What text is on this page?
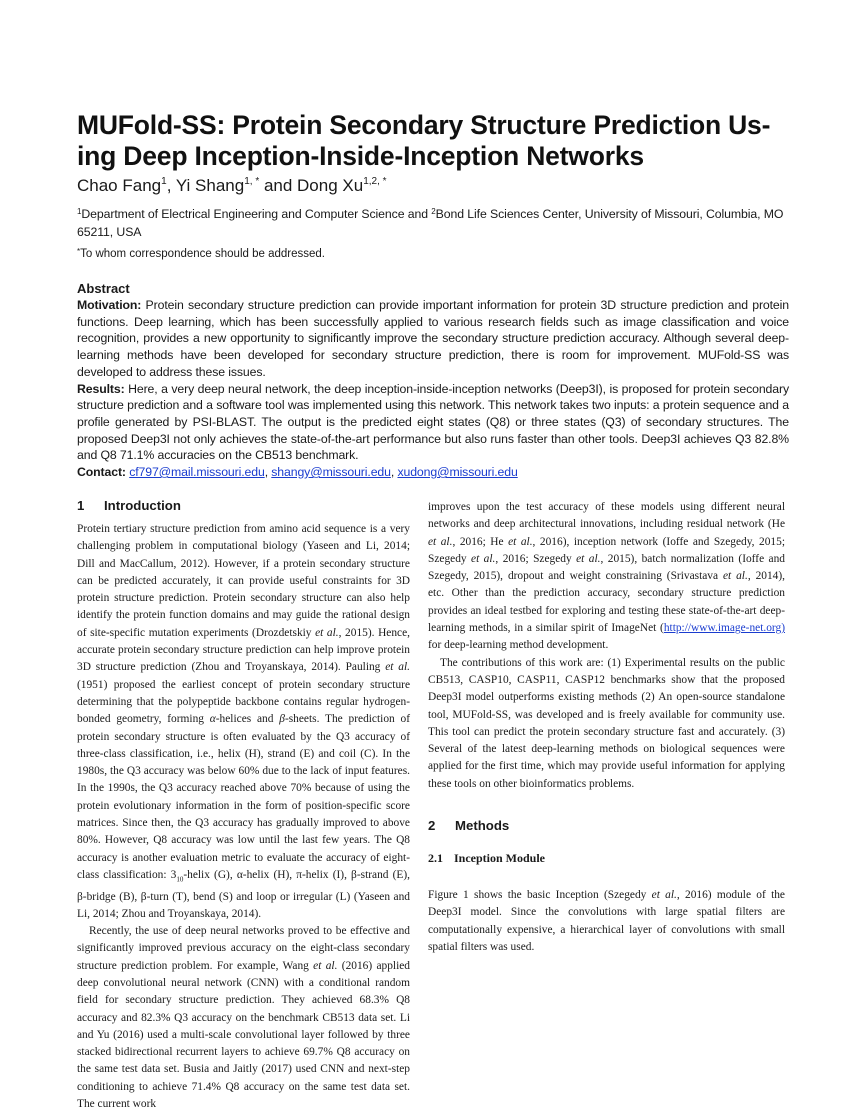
MUFold-SS: Protein Secondary Structure Prediction Us-
ing Deep Inception-Inside-Inception Networks

Chao Fang$^1$, Yi Shang$^{1, *}$ and Dong $Xu^{1,2, *}$

$^1$Department of Electrical Engineering and Computer Science and $^2$Bond Life Sciences Center, University of Missouri, Columbia, MO 65211, USA

*To whom correspondence should be addressed.

Abstract

Motivation: Protein secondary structure prediction can provide important information for protein 3D structure prediction and protein functions. Deep learning, which has been successfully applied to various research fields such as image classification and voice recognition, provides a new opportunity to significantly improve the secondary structure prediction accuracy. Although several deep-learning methods have been developed for secondary structure prediction, there is room for improvement. MUFold-SS was developed to address these issues.

Results: Here, a very deep neural network, the deep inception-inside-inception networks (Deep3I), is proposed for protein secondary structure prediction and a software tool was implemented using this network. This network takes two inputs: a protein sequence and a profile generated by PSI-BLAST. The output is the predicted eight states (Q8) or three states (Q3) of secondary structures. The proposed Deep3I not only achieves the state-of-the-art performance but also runs faster than other tools. Deep3I achieves Q3 82.8% and Q8 71.1% accuracies on the CB513 benchmark.

Contact: cf797@mail.missouri.edu, shangy@missouri.edu, xudong@missouri.edu

1 Introduction

Protein tertiary structure prediction from amino acid sequence is a very challenging problem in computational biology (Yaseen and Li, 2014; Dill and MacCallum, 2012). However, if a protein secondary structure can be predicted accurately, it can provide useful constraints for 3D protein structure prediction. Protein secondary structure can also help identify the protein function domains and may guide the rational design of site-specific mutation experiments (Drozdetskiy et al., 2015). Hence, accurate protein secondary structure prediction can help improve protein 3D structure prediction (Zhou and Troyanskaya, 2014). Pauling et al. (1951) proposed the earliest concept of protein secondary structure determining that the polypeptide backbone contains regular hydrogen-bonded geometry, forming α-helices and β-sheets. The prediction of protein secondary structure is often evaluated by the Q3 accuracy of three-class classification, i.e., helix (H), strand (E) and coil (C). In the 1980s, the Q3 accuracy was below 60% due to the lack of input features. In the 1990s, the Q3 accuracy reached above 70% because of using the protein evolutionary information in the form of position-specific score matrices. Since then, the Q3 accuracy has gradually improved to above 80%. However, Q8 accuracy was low until the last few years. The Q8 accuracy is another evaluation metric to evaluate the accuracy of eight-class classification: $3_{10}$-helix (G), α-helix (H), π-helix (I), β-strand (E), β-bridge (B), β-turn (T), bend (S) and loop or irregular (L) (Yaseen and Li, 2014; Zhou and Troyanskaya, 2014).

Recently, the use of deep neural networks proved to be effective and significantly improved previous accuracy on the eight-class secondary structure prediction problem. For example, Wang et al. (2016) applied deep convolutional neural network (CNN) with a conditional random field for secondary structure prediction. They achieved 68.3% Q8 accuracy and 82.3% Q3 accuracy on the benchmark CB513 data set. Li and Yu (2016) used a multi-scale convolutional layer followed by three stacked bidirectional recurrent layers to achieve 69.7% Q8 accuracy on the same test data set. Busia and Jaitly (2017) used CNN and next-step conditioning to achieve 71.4% Q8 accuracy on the same test data set. The current work

improves upon the test accuracy of these models using different neural networks and deep architectural innovations, including residual network (He et al., 2016; He et al., 2016), inception network (Ioffe and Szegedy, 2015; Szegedy et al., 2016; Szegedy et al., 2015), batch normalization (Ioffe and Szegedy, 2015), dropout and weight constraining (Srivastava et al., 2014), etc. Other than the prediction accuracy, secondary structure prediction provides an ideal testbed for exploring and testing these state-of-the-art deep-learning methods, in a similar spirit of ImageNet (http://www.image-net.org) for deep-learning method development.

The contributions of this work are: (1) Experimental results on the public CB513, CASP10, CASP11, CASP12 benchmarks show that the proposed Deep3I model outperforms existing methods (2) An open-source standalone tool, MUFold-SS, was developed and is freely available for community use. This tool can predict the protein secondary structure fast and accurately. (3) Several of the latest deep-learning methods on biological sequences were applied for the first time, which may provide useful information for applying these tools on other bioinformatics problems.

2 Methods
2.1 Inception Module

Figure 1 shows the basic Inception (Szegedy et al., 2016) module of the Deep3I model. Since the convolutions with large spatial filters are computationally expensive, a hierarchical layer of convolutions with small spatial filters was used.
